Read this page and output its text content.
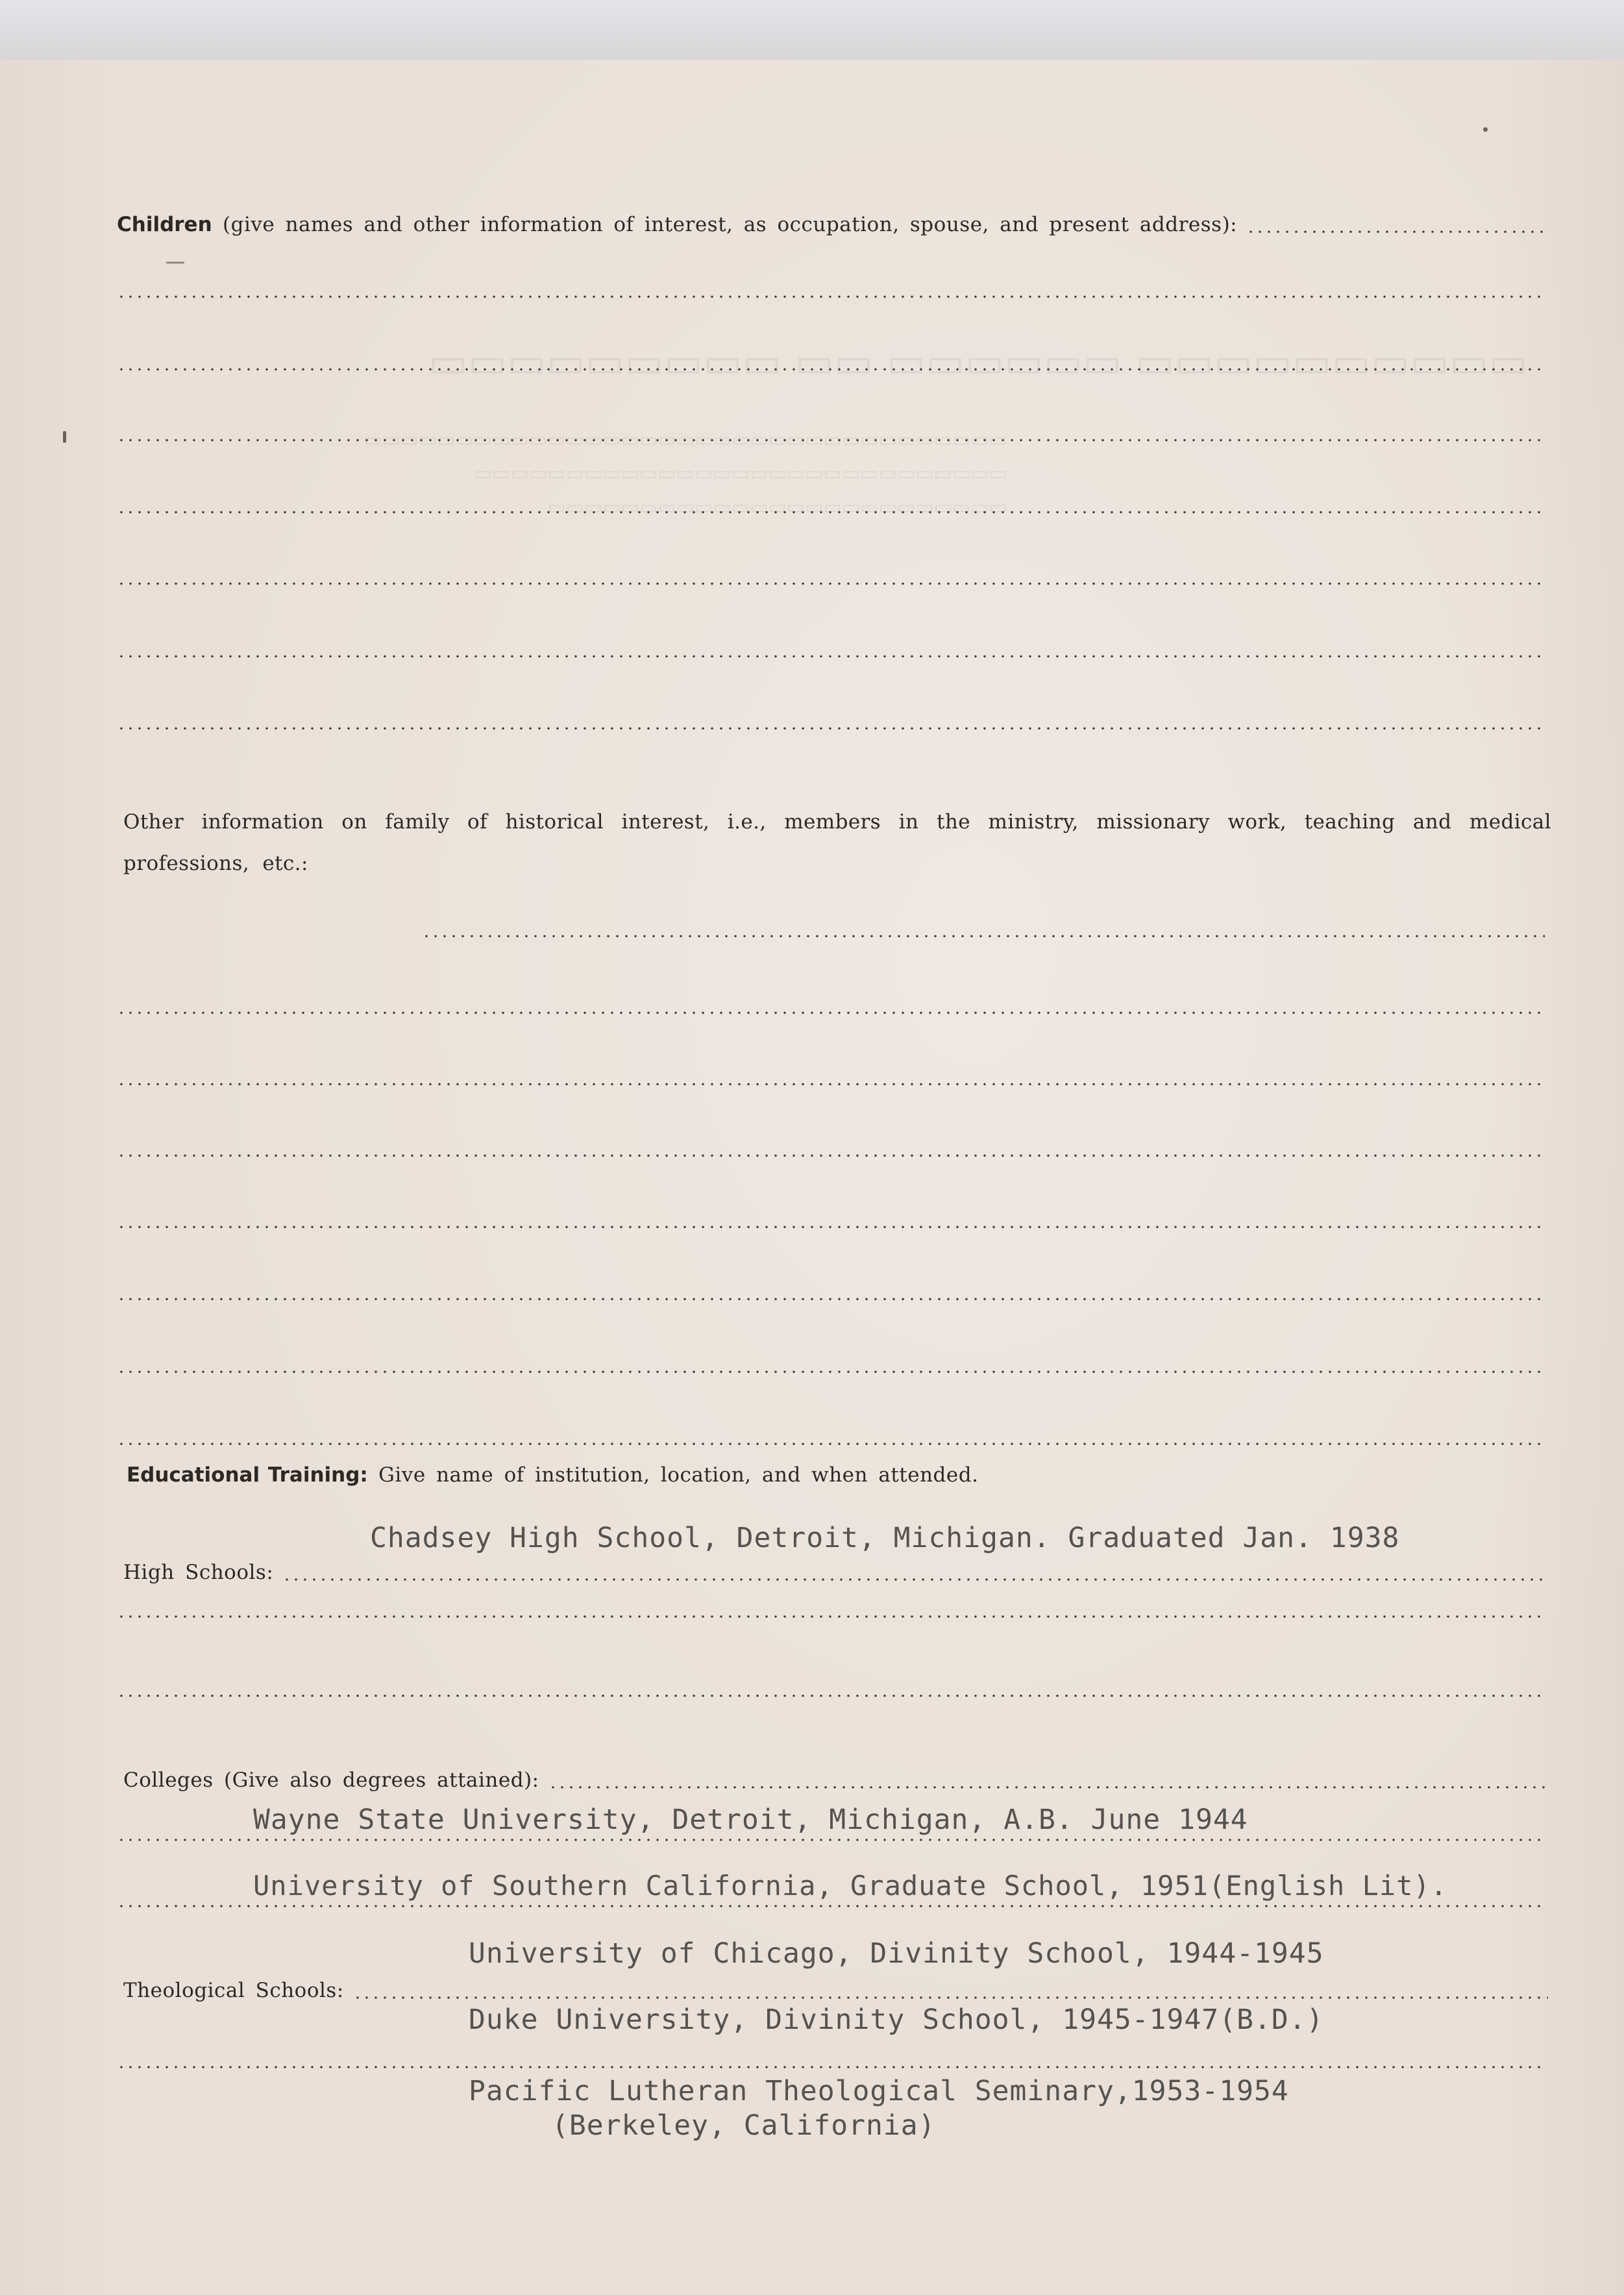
▭▭▭▭▭▭▭▭▭▭ ▭▭▭▭▭▭ ▭▭ ▭▭▭▭▭▭▭▭▭
▭▭▭▭▭▭▭▭▭▭▭▭▭▭▭▭▭▭▭▭▭▭▭▭▭▭▭▭▭▭▭▭▭▭▭
▭▭▭▭▭▭▭▭▭▭▭▭▭▭▭▭▭▭▭▭▭▭▭▭▭▭▭▭▭
▭▭▭▭▭▭▭▭▭▭▭▭▭▭▭▭▭▭▭▭▭▭▭▭▭
Children (give names and other information of interest, as occupation, spouse, and present address):
Other information on family of historical interest, i.e., members in the ministry, missionary work, teaching and medical professions, etc.:
Educational Training: Give name of institution, location, and when attended.
High Schools:
Chadsey High School, Detroit, Michigan. Graduated Jan. 1938
Colleges (Give also degrees attained):
Wayne State University, Detroit, Michigan, A.B. June 1944
University of Southern California, Graduate School, 1951(English Lit).
Theological Schools:
University of Chicago, Divinity School, 1944-1945
Duke University, Divinity School, 1945-1947(B.D.)
Pacific Lutheran Theological Seminary,1953-1954
(Berkeley, California)
